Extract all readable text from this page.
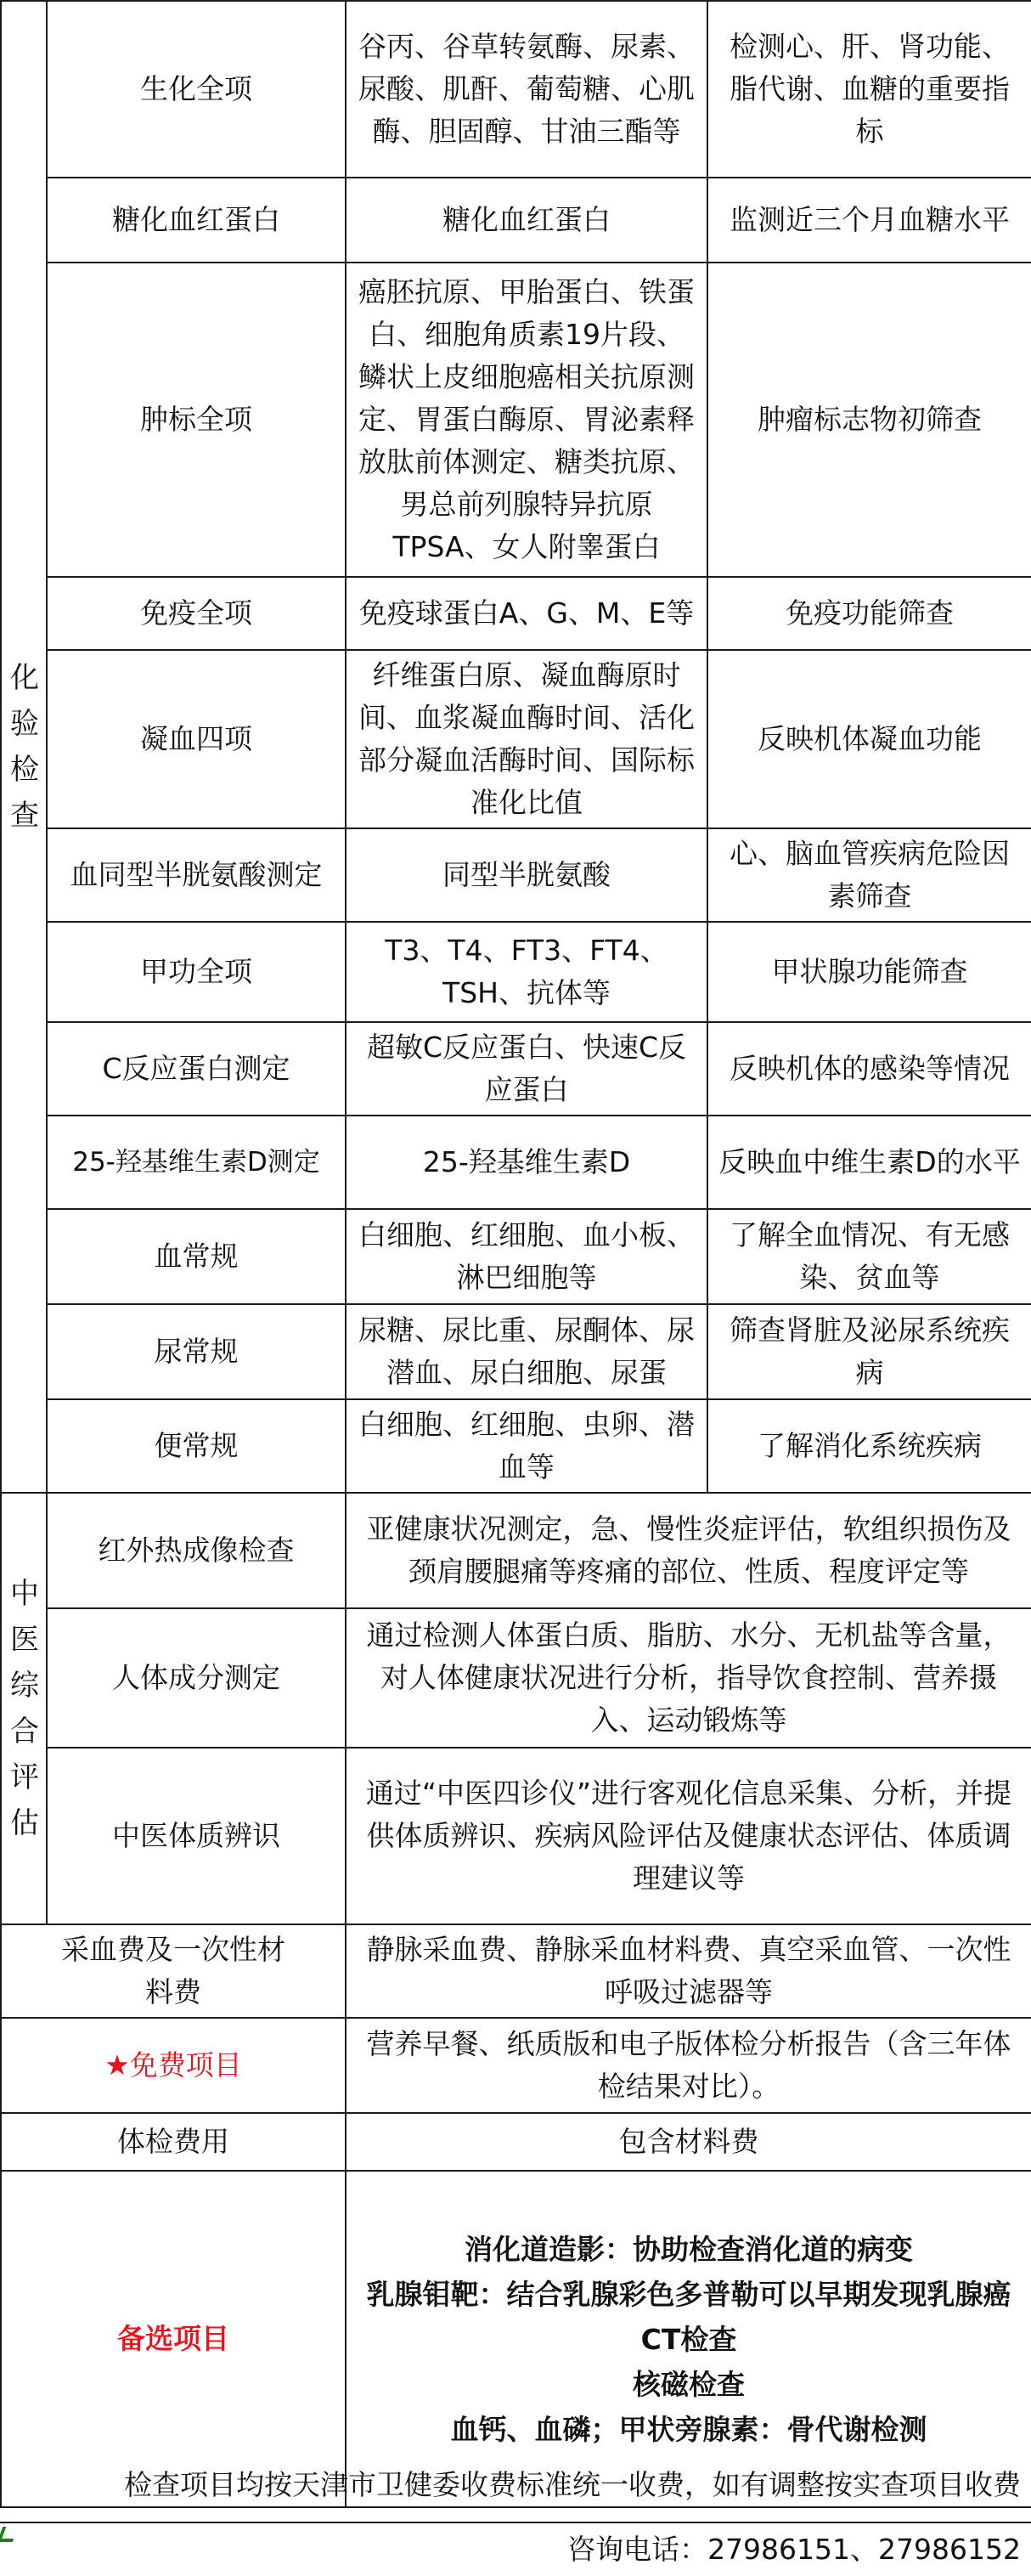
化验检查	生化全项	谷丙、谷草转氨酶、尿素、尿酸、肌酐、葡萄糖、心肌酶、胆固醇、甘油三酯等	检测心、肝、肾功能、脂代谢、血糖的重要指标
	糖化血红蛋白	糖化血红蛋白	监测近三个月血糖水平
	肿标全项	癌胚抗原、甲胎蛋白、铁蛋白、细胞角质素19片段、鳞状上皮细胞癌相关抗原测定、胃蛋白酶原、胃泌素释放肽前体测定、糖类抗原、男总前列腺特异抗原TPSA、女人附睾蛋白	肿瘤标志物初筛查
	免疫全项	免疫球蛋白A、G、M、E等	免疫功能筛查
	凝血四项	纤维蛋白原、凝血酶原时间、血浆凝血酶时间、活化部分凝血活酶时间、国际标准化比值	反映机体凝血功能
	血同型半胱氨酸测定	同型半胱氨酸	心、脑血管疾病危险因素筛查
	甲功全项	T3、T4、FT3、FT4、TSH、抗体等	甲状腺功能筛查
	C反应蛋白测定	超敏C反应蛋白、快速C反应蛋白	反映机体的感染等情况
	25-羟基维生素D测定	25-羟基维生素D	反映血中维生素D的水平
	血常规	白细胞、红细胞、血小板、淋巴细胞等	了解全血情况、有无感染、贫血等
	尿常规	尿糖、尿比重、尿酮体、尿潜血、尿白细胞、尿蛋	筛查肾脏及泌尿系统疾病
	便常规	白细胞、红细胞、虫卵、潜血等	了解消化系统疾病
中医综合评估	红外热成像检查	亚健康状况测定，急、慢性炎症评估，软组织损伤及颈肩腰腿痛等疼痛的部位、性质、程度评定等	
	人体成分测定	通过检测人体蛋白质、脂肪、水分、无机盐等含量，对人体健康状况进行分析，指导饮食控制、营养摄入、运动锻炼等	
	中医体质辨识	通过“中医四诊仪”进行客观化信息采集、分析，并提供体质辨识、疾病风险评估及健康状态评估、体质调理建议等	
采血费及一次性材料费		静脉采血费、静脉采血材料费、真空采血管、一次性呼吸过滤器等	
★免费项目		营养早餐、纸质版和电子版体检分析报告（含三年体检结果对比）。	
体检费用		包含材料费	
备选项目		消化道造影：协助检查消化道的病变
乳腺钼靶：结合乳腺彩色多普勒可以早期发现乳腺癌
CT检查
核磁检查
血钙、血磷；甲状旁腺素：骨代谢检测	
检查项目均按天津市卫健委收费标准统一收费，如有调整按实查项目收费
咨询电话：27986151、27986152
